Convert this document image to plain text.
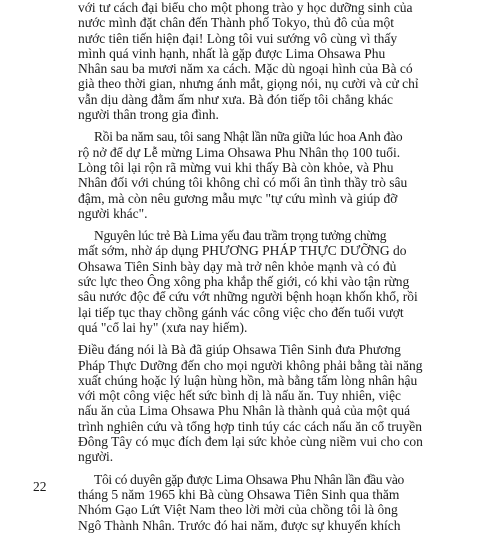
với tư cách đại biểu cho một phong trào y học dưỡng sinh của
nước mình đặt chân đến Thành phố Tokyo, thủ đô của một
nước tiên tiến hiện đại! Lòng tôi vui sướng vô cùng vì thấy
mình quá vinh hạnh, nhất là gặp được Lima Ohsawa Phu
Nhân sau ba mươi năm xa cách. Mặc dù ngoại hình của Bà có
già theo thời gian, nhưng ánh mắt, giọng nói, nụ cười và cử chỉ
vẫn dịu dàng đằm ấm như xưa. Bà đón tiếp tôi chẳng khác
người thân trong gia đình.
Rồi ba năm sau, tôi sang Nhật lần nữa giữa lúc hoa Anh đào
rộ nở để dự Lễ mừng Lima Ohsawa Phu Nhân thọ 100 tuổi.
Lòng tôi lại rộn rã mừng vui khi thấy Bà còn khỏe, và Phu
Nhân đối với chúng tôi không chỉ có mối ân tình thầy trò sâu
đậm, mà còn nêu gương mẫu mực "tự cứu mình và giúp đỡ
người khác".
Nguyên lúc trẻ Bà Lima yếu đau trầm trọng tưởng chừng
mất sớm, nhờ áp dụng PHƯƠNG PHÁP THỰC DƯỠNG do
Ohsawa Tiên Sinh bày dạy mà trở nên khỏe mạnh và có đủ
sức lực theo Ông xông pha khắp thế giới, có khi vào tận rừng
sâu nước độc để cứu vớt những người bệnh hoạn khốn khổ, rồi
lại tiếp tục thay chồng gánh vác công việc cho đến tuổi vượt
quá "cổ lai hy" (xưa nay hiếm).
Điều đáng nói là Bà đã giúp Ohsawa Tiên Sinh đưa Phương
Pháp Thực Dưỡng đến cho mọi người không phải bằng tài năng
xuất chúng hoặc lý luận hùng hồn, mà bằng tấm lòng nhân hậu
với một công việc hết sức bình dị là nấu ăn. Tuy nhiên, việc
nấu ăn của Lima Ohsawa Phu Nhân là thành quả của một quá
trình nghiên cứu và tổng hợp tinh túy các cách nấu ăn cổ truyền
Đông Tây có mục đích đem lại sức khỏe cùng niềm vui cho con
người.
Tôi có duyên gặp được Lima Ohsawa Phu Nhân lần đầu vào
tháng 5 năm 1965 khi Bà cùng Ohsawa Tiên Sinh qua thăm
Nhóm Gạo Lứt Việt Nam theo lời mời của chồng tôi là ông
Ngô Thành Nhân. Trước đó hai năm, được sự khuyến khích
22
